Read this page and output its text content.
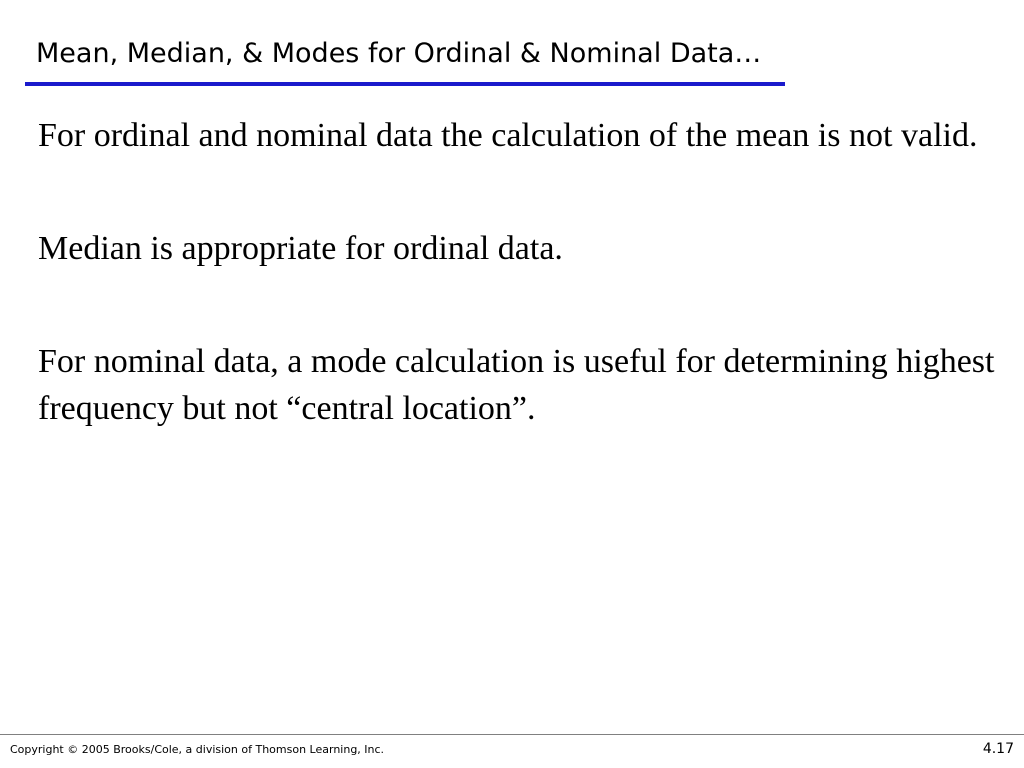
Mean, Median, & Modes for Ordinal & Nominal Data…

For ordinal and nominal data the calculation of the mean is not valid.

Median is appropriate for ordinal data.

For nominal data, a mode calculation is useful for determining highest frequency but not “central location”.

Copyright © 2005 Brooks/Cole, a division of Thomson Learning, Inc.	4.17
